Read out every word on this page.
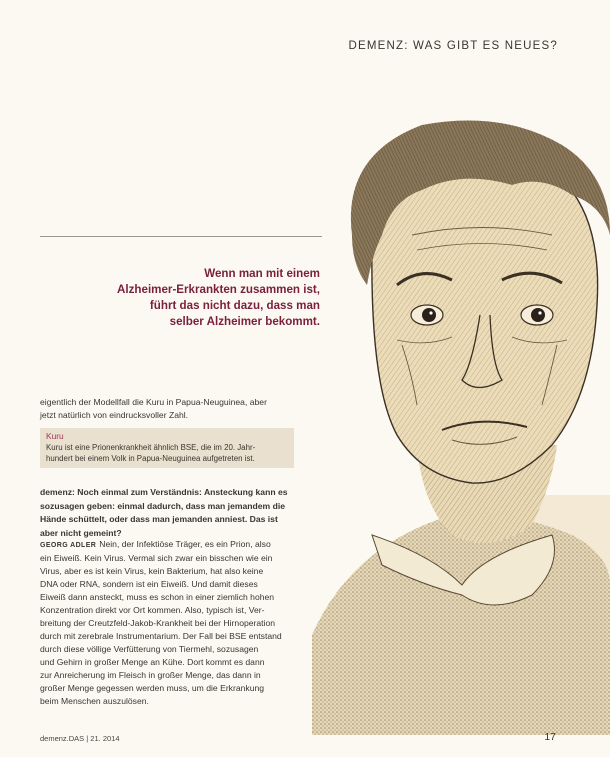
DEMENZ: WAS GIBT ES NEUES?
Wenn man mit einem
Alzheimer-Erkrankten zusammen ist,
führt das nicht dazu, dass man
selber Alzheimer bekommt.
eigentlich der Modellfall die Kuru in Papua-Neuguinea, aber
jetzt natürlich von eindrucksvoller Zahl.
Kuru
Kuru ist eine Prionenkrankheit ähnlich BSE, die im 20. Jahr-
hundert bei einem Volk in Papua-Neuguinea aufgetreten ist.
demenz: Noch einmal zum Verständnis: Ansteckung kann es
sozusagen geben: einmal dadurch, dass man jemandem die
Hände schüttelt, oder dass man jemanden anniest. Das ist
aber nicht gemeint?
GEORG ADLER Nein, der Infektiöse Träger, es ein Prion, also
ein Eiweiß. Kein Virus. Vermal sich zwar ein bisschen wie ein
Virus, aber es ist kein Virus, kein Bakterium, hat also keine
DNA oder RNA, sondern ist ein Eiweiß. Und damit dieses
Eiweiß dann ansteckt, muss es schon in einer ziemlich hohen
Konzentration direkt vor Ort kommen. Also, typisch ist, Ver-
breitung der Creutzfeld-Jakob-Krankheit bei der Hirnoperation
durch mit zerebrale Instrumentarium. Der Fall bei BSE entstand
durch diese völlige Verfütterung von Tiermehl, sozusagen
und Gehirn in großer Menge an Kühe. Dort kommt es dann
zur Anreicherung im Fleisch in großer Menge, das dann in
großer Menge gegessen werden muss, um die Erkrankung
beim Menschen auszulösen.
demenz.DAS | 21. 2014	17
